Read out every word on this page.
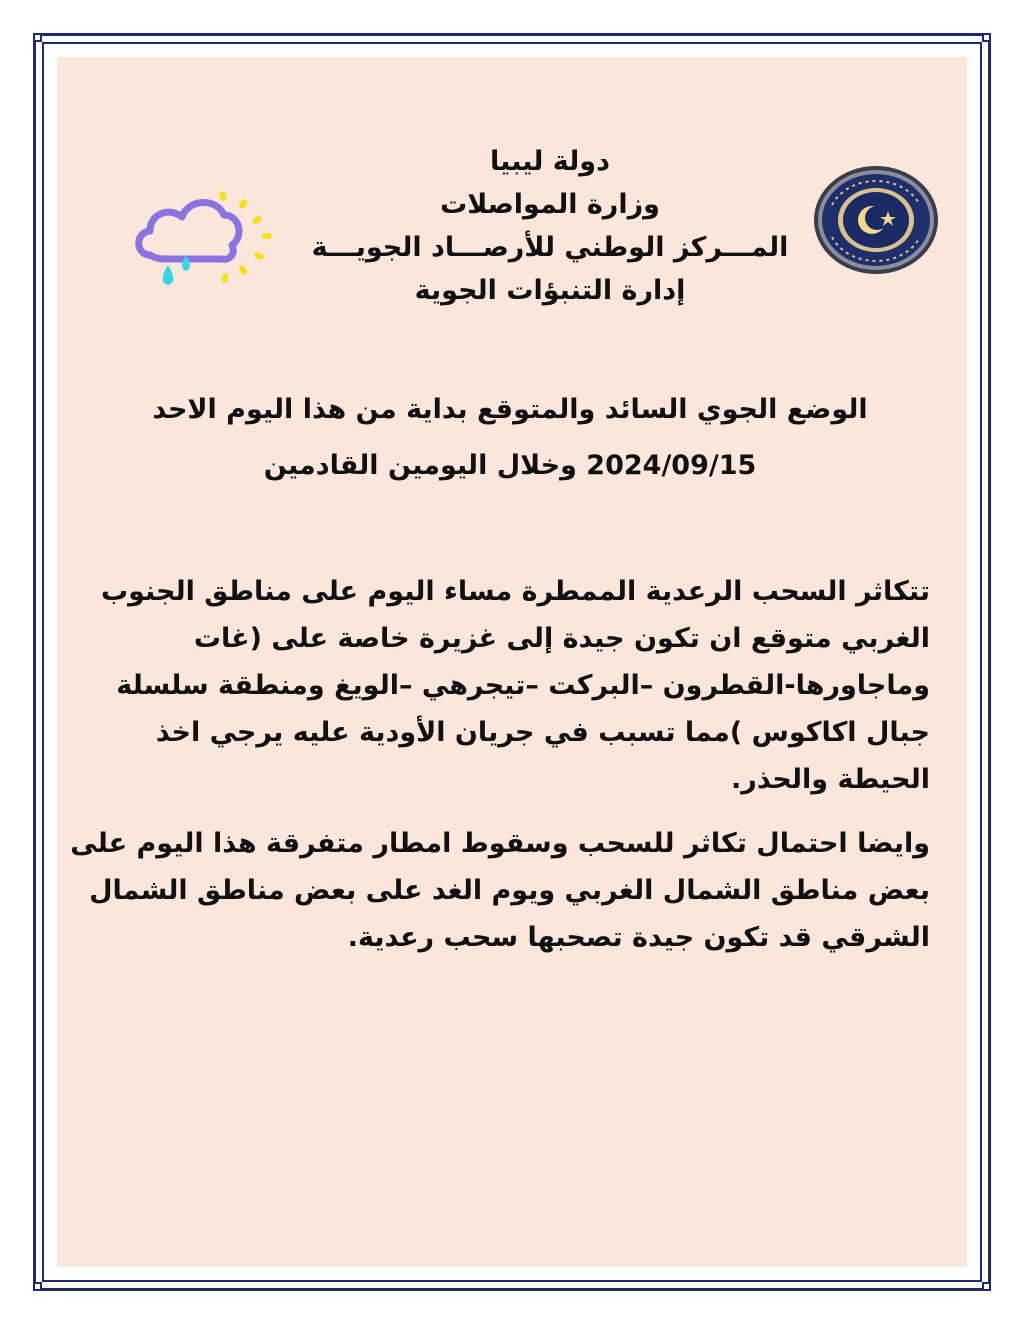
دولة ليبيا
وزارة المواصلات
المـــركز الوطني للأرصـــاد الجويـــة
إدارة التنبؤات الجوية
الوضع الجوي السائد والمتوقع بداية من هذا اليوم الاحد
2024/09/15 وخلال اليومين القادمين
تتكاثر السحب الرعدية الممطرة مساء اليوم على مناطق الجنوب
الغربي متوقع ان تكون جيدة إلى غزيرة خاصة على (غات
وماجاورها-القطرون –البركت –تيجرهي –الويغ ومنطقة سلسلة
جبال اكاكوس )مما تسبب في جريان الأودية عليه يرجي اخذ
الحيطة والحذر.
وايضا احتمال تكاثر للسحب وسقوط امطار متفرقة هذا اليوم على
بعض مناطق الشمال الغربي ويوم الغد على بعض مناطق الشمال
الشرقي قد تكون جيدة تصحبها سحب رعدية.
